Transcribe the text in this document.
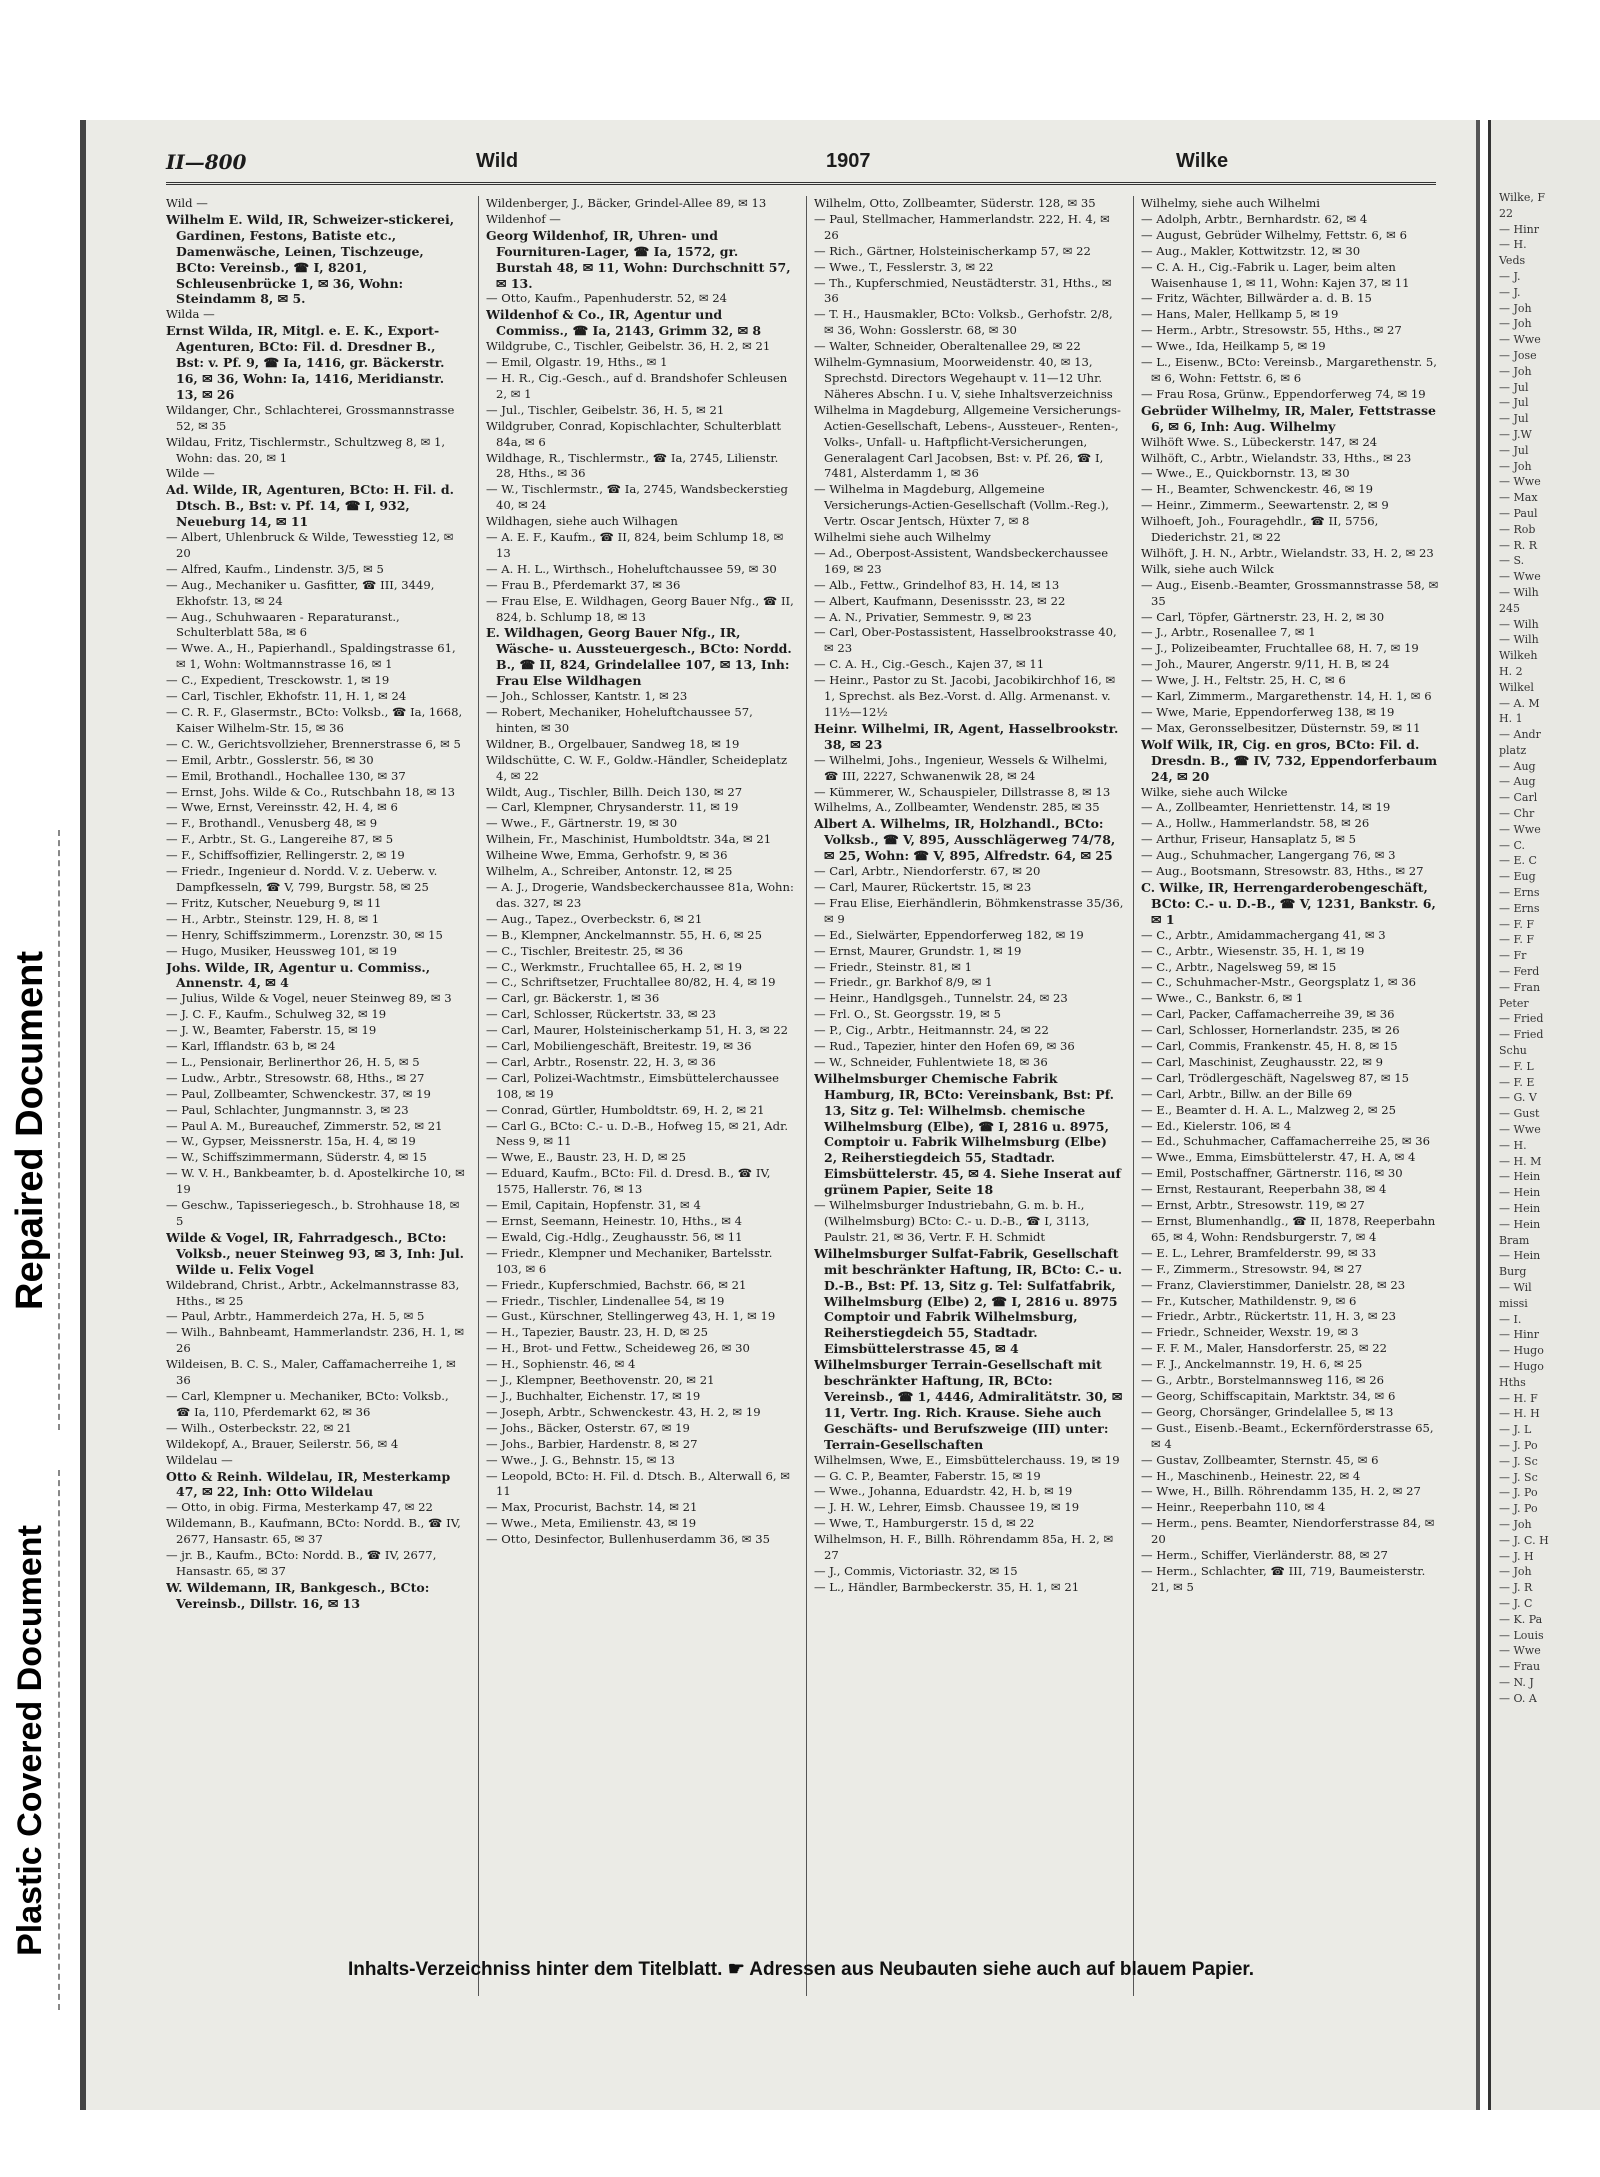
Plastic Covered Document
Repaired Document
II—800	Wild	1907	Wilke

Wild —

Wilhelm E. Wild, IR, Schweizer-stickerei, Gardinen, Festons, Batiste etc., Damenwäsche, Leinen, Tischzeuge, BCto: Vereinsb., ☎ I, 8201, Schleusenbrücke 1, ✉ 36, Wohn: Steindamm 8, ✉ 5.

Wilda —

Ernst Wilda, IR, Mitgl. e. E. K., Export-Agenturen, BCto: Fil. d. Dresdner B., Bst: v. Pf. 9, ☎ Ia, 1416, gr. Bäckerstr. 16, ✉ 36, Wohn: Ia, 1416, Meridianstr. 13, ✉ 26

Wildanger, Chr., Schlachterei, Grossmannstrasse 52, ✉ 35

Wildau, Fritz, Tischlermstr., Schultzweg 8, ✉ 1, Wohn: das. 20, ✉ 1

Wilde —

Ad. Wilde, IR, Agenturen, BCto: H. Fil. d. Dtsch. B., Bst: v. Pf. 14, ☎ I, 932, Neueburg 14, ✉ 11

— Albert, Uhlenbruck & Wilde, Tewesstieg 12, ✉ 20

— Alfred, Kaufm., Lindenstr. 3/5, ✉ 5

— Aug., Mechaniker u. Gasfitter, ☎ III, 3449, Ekhofstr. 13, ✉ 24

— Aug., Schuhwaaren - Reparaturanst., Schulterblatt 58a, ✉ 6

— Wwe. A., H., Papierhandl., Spaldingstrasse 61, ✉ 1, Wohn: Woltmannstrasse 16, ✉ 1

— C., Expedient, Tresckowstr. 1, ✉ 19

— Carl, Tischler, Ekhofstr. 11, H. 1, ✉ 24

— C. R. F., Glasermstr., BCto: Volksb., ☎ Ia, 1668, Kaiser Wilhelm-Str. 15, ✉ 36

— C. W., Gerichtsvollzieher, Brennerstrasse 6, ✉ 5

— Emil, Arbtr., Gosslerstr. 56, ✉ 30

— Emil, Brothandl., Hochallee 130, ✉ 37

— Ernst, Johs. Wilde & Co., Rutschbahn 18, ✉ 13

— Wwe, Ernst, Vereinsstr. 42, H. 4, ✉ 6

— F., Brothandl., Venusberg 48, ✉ 9

— F., Arbtr., St. G., Langereihe 87, ✉ 5

— F., Schiffsoffizier, Rellingerstr. 2, ✉ 19

— Friedr., Ingenieur d. Nordd. V. z. Ueberw. v. Dampfkesseln, ☎ V, 799, Burgstr. 58, ✉ 25

— Fritz, Kutscher, Neueburg 9, ✉ 11

— H., Arbtr., Steinstr. 129, H. 8, ✉ 1

— Henry, Schiffszimmerm., Lorenzstr. 30, ✉ 15

— Hugo, Musiker, Heussweg 101, ✉ 19

Johs. Wilde, IR, Agentur u. Commiss., Annenstr. 4, ✉ 4

— Julius, Wilde & Vogel, neuer Steinweg 89, ✉ 3

— J. C. F., Kaufm., Schulweg 32, ✉ 19

— J. W., Beamter, Faberstr. 15, ✉ 19

— Karl, Ifflandstr. 63 b, ✉ 24

— L., Pensionair, Berlinerthor 26, H. 5, ✉ 5

— Ludw., Arbtr., Stresowstr. 68, Hths., ✉ 27

— Paul, Zollbeamter, Schwenckestr. 37, ✉ 19

— Paul, Schlachter, Jungmannstr. 3, ✉ 23

— Paul A. M., Bureauchef, Zimmerstr. 52, ✉ 21

— W., Gypser, Meissnerstr. 15a, H. 4, ✉ 19

— W., Schiffszimmermann, Süderstr. 4, ✉ 15

— W. V. H., Bankbeamter, b. d. Apostelkirche 10, ✉ 19

— Geschw., Tapisseriegesch., b. Strohhause 18, ✉ 5

Wilde & Vogel, IR, Fahrradgesch., BCto: Volksb., neuer Steinweg 93, ✉ 3, Inh: Jul. Wilde u. Felix Vogel

Wildebrand, Christ., Arbtr., Ackelmannstrasse 83, Hths., ✉ 25

— Paul, Arbtr., Hammerdeich 27a, H. 5, ✉ 5

— Wilh., Bahnbeamt, Hammerlandstr. 236, H. 1, ✉ 26

Wildeisen, B. C. S., Maler, Caffamacherreihe 1, ✉ 36

— Carl, Klempner u. Mechaniker, BCto: Volksb., ☎ Ia, 110, Pferdemarkt 62, ✉ 36

— Wilh., Osterbeckstr. 22, ✉ 21

Wildekopf, A., Brauer, Seilerstr. 56, ✉ 4

Wildelau —

Otto & Reinh. Wildelau, IR, Mesterkamp 47, ✉ 22, Inh: Otto Wildelau

— Otto, in obig. Firma, Mesterkamp 47, ✉ 22

Wildemann, B., Kaufmann, BCto: Nordd. B., ☎ IV, 2677, Hansastr. 65, ✉ 37

— jr. B., Kaufm., BCto: Nordd. B., ☎ IV, 2677, Hansastr. 65, ✉ 37

W. Wildemann, IR, Bankgesch., BCto: Vereinsb., Dillstr. 16, ✉ 13

Wildenberger, J., Bäcker, Grindel-Allee 89, ✉ 13

Wildenhof —

Georg Wildenhof, IR, Uhren- und Fournituren-Lager, ☎ Ia, 1572, gr. Burstah 48, ✉ 11, Wohn: Durchschnitt 57, ✉ 13.

— Otto, Kaufm., Papenhuderstr. 52, ✉ 24

Wildenhof & Co., IR, Agentur und Commiss., ☎ Ia, 2143, Grimm 32, ✉ 8

Wildgrube, C., Tischler, Geibelstr. 36, H. 2, ✉ 21

— Emil, Olgastr. 19, Hths., ✉ 1

— H. R., Cig.-Gesch., auf d. Brandshofer Schleusen 2, ✉ 1

— Jul., Tischler, Geibelstr. 36, H. 5, ✉ 21

Wildgruber, Conrad, Kopischlachter, Schulterblatt 84a, ✉ 6

Wildhage, R., Tischlermstr., ☎ Ia, 2745, Lilienstr. 28, Hths., ✉ 36

— W., Tischlermstr., ☎ Ia, 2745, Wandsbeckerstieg 40, ✉ 24

Wildhagen, siehe auch Wilhagen

— A. E. F., Kaufm., ☎ II, 824, beim Schlump 18, ✉ 13

— A. H. L., Wirthsch., Hoheluftchaussee 59, ✉ 30

— Frau B., Pferdemarkt 37, ✉ 36

— Frau Else, E. Wildhagen, Georg Bauer Nfg., ☎ II, 824, b. Schlump 18, ✉ 13

E. Wildhagen, Georg Bauer Nfg., IR, Wäsche- u. Aussteuergesch., BCto: Nordd. B., ☎ II, 824, Grindelallee 107, ✉ 13, Inh: Frau Else Wildhagen

— Joh., Schlosser, Kantstr. 1, ✉ 23

— Robert, Mechaniker, Hoheluftchaussee 57, hinten, ✉ 30

Wildner, B., Orgelbauer, Sandweg 18, ✉ 19

Wildschütte, C. W. F., Goldw.-Händler, Scheideplatz 4, ✉ 22

Wildt, Aug., Tischler, Billh. Deich 130, ✉ 27

— Carl, Klempner, Chrysanderstr. 11, ✉ 19

— Wwe., F., Gärtnerstr. 19, ✉ 30

Wilhein, Fr., Maschinist, Humboldtstr. 34a, ✉ 21

Wilheine Wwe, Emma, Gerhofstr. 9, ✉ 36

Wilhelm, A., Schreiber, Antonstr. 12, ✉ 25

— A. J., Drogerie, Wandsbeckerchaussee 81a, Wohn: das. 327, ✉ 23

— Aug., Tapez., Overbeckstr. 6, ✉ 21

— B., Klempner, Anckelmannstr. 55, H. 6, ✉ 25

— C., Tischler, Breitestr. 25, ✉ 36

— C., Werkmstr., Fruchtallee 65, H. 2, ✉ 19

— C., Schriftsetzer, Fruchtallee 80/82, H. 4, ✉ 19

— Carl, gr. Bäckerstr. 1, ✉ 36

— Carl, Schlosser, Rückertstr. 33, ✉ 23

— Carl, Maurer, Holsteinischerkamp 51, H. 3, ✉ 22

— Carl, Mobiliengeschäft, Breitestr. 19, ✉ 36

— Carl, Arbtr., Rosenstr. 22, H. 3, ✉ 36

— Carl, Polizei-Wachtmstr., Eimsbüttelerchaussee 108, ✉ 19

— Conrad, Gürtler, Humboldtstr. 69, H. 2, ✉ 21

— Carl G., BCto: C.- u. D.-B., Hofweg 15, ✉ 21, Adr. Ness 9, ✉ 11

— Wwe, E., Baustr. 23, H. D, ✉ 25

— Eduard, Kaufm., BCto: Fil. d. Dresd. B., ☎ IV, 1575, Hallerstr. 76, ✉ 13

— Emil, Capitain, Hopfenstr. 31, ✉ 4

— Ernst, Seemann, Heinestr. 10, Hths., ✉ 4

— Ewald, Cig.-Hdlg., Zeughausstr. 56, ✉ 11

— Friedr., Klempner und Mechaniker, Bartelsstr. 103, ✉ 6

— Friedr., Kupferschmied, Bachstr. 66, ✉ 21

— Friedr., Tischler, Lindenallee 54, ✉ 19

— Gust., Kürschner, Stellingerweg 43, H. 1, ✉ 19

— H., Tapezier, Baustr. 23, H. D, ✉ 25

— H., Brot- und Fettw., Scheideweg 26, ✉ 30

— H., Sophienstr. 46, ✉ 4

— J., Klempner, Beethovenstr. 20, ✉ 21

— J., Buchhalter, Eichenstr. 17, ✉ 19

— Joseph, Arbtr., Schwenckestr. 43, H. 2, ✉ 19

— Johs., Bäcker, Osterstr. 67, ✉ 19

— Johs., Barbier, Hardenstr. 8, ✉ 27

— Wwe., J. G., Behnstr. 15, ✉ 13

— Leopold, BCto: H. Fil. d. Dtsch. B., Alterwall 6, ✉ 11

— Max, Procurist, Bachstr. 14, ✉ 21

— Wwe., Meta, Emilienstr. 43, ✉ 19

— Otto, Desinfector, Bullenhuserdamm 36, ✉ 35

Wilhelm, Otto, Zollbeamter, Süderstr. 128, ✉ 35

— Paul, Stellmacher, Hammerlandstr. 222, H. 4, ✉ 26

— Rich., Gärtner, Holsteinischerkamp 57, ✉ 22

— Wwe., T., Fesslerstr. 3, ✉ 22

— Th., Kupferschmied, Neustädterstr. 31, Hths., ✉ 36

— T. H., Hausmakler, BCto: Volksb., Gerhofstr. 2/8, ✉ 36, Wohn: Gosslerstr. 68, ✉ 30

— Walter, Schneider, Oberaltenallee 29, ✉ 22

Wilhelm-Gymnasium, Moorweidenstr. 40, ✉ 13, Sprechstd. Directors Wegehaupt v. 11—12 Uhr. Näheres Abschn. I u. V, siehe Inhaltsverzeichniss

Wilhelma in Magdeburg, Allgemeine Versicherungs-Actien-Gesellschaft, Lebens-, Aussteuer-, Renten-, Volks-, Unfall- u. Haftpflicht-Versicherungen, Generalagent Carl Jacobsen, Bst: v. Pf. 26, ☎ I, 7481, Alsterdamm 1, ✉ 36

— Wilhelma in Magdeburg, Allgemeine Versicherungs-Actien-Gesellschaft (Vollm.-Reg.), Vertr. Oscar Jentsch, Hüxter 7, ✉ 8

Wilhelmi siehe auch Wilhelmy

— Ad., Oberpost-Assistent, Wandsbeckerchaussee 169, ✉ 23

— Alb., Fettw., Grindelhof 83, H. 14, ✉ 13

— Albert, Kaufmann, Desenissstr. 23, ✉ 22

— A. N., Privatier, Semmestr. 9, ✉ 23

— Carl, Ober-Postassistent, Hasselbrookstrasse 40, ✉ 23

— C. A. H., Cig.-Gesch., Kajen 37, ✉ 11

— Heinr., Pastor zu St. Jacobi, Jacobikirchhof 16, ✉ 1, Sprechst. als Bez.-Vorst. d. Allg. Armenanst. v. 11½—12½

Heinr. Wilhelmi, IR, Agent, Hasselbrookstr. 38, ✉ 23

— Wilhelmi, Johs., Ingenieur, Wessels & Wilhelmi, ☎ III, 2227, Schwanenwik 28, ✉ 24

— Kümmerer, W., Schauspieler, Dillstrasse 8, ✉ 13

Wilhelms, A., Zollbeamter, Wendenstr. 285, ✉ 35

Albert A. Wilhelms, IR, Holzhandl., BCto: Volksb., ☎ V, 895, Ausschlägerweg 74/78, ✉ 25, Wohn: ☎ V, 895, Alfredstr. 64, ✉ 25

— Carl, Arbtr., Niendorferstr. 67, ✉ 20

— Carl, Maurer, Rückertstr. 15, ✉ 23

— Frau Elise, Eierhändlerin, Böhmkenstrasse 35/36, ✉ 9

— Ed., Sielwärter, Eppendorferweg 182, ✉ 19

— Ernst, Maurer, Grundstr. 1, ✉ 19

— Friedr., Steinstr. 81, ✉ 1

— Friedr., gr. Barkhof 8/9, ✉ 1

— Heinr., Handlgsgeh., Tunnelstr. 24, ✉ 23

— Frl. O., St. Georgsstr. 19, ✉ 5

— P., Cig., Arbtr., Heitmannstr. 24, ✉ 22

— Rud., Tapezier, hinter den Hofen 69, ✉ 36

— W., Schneider, Fuhlentwiete 18, ✉ 36

Wilhelmsburger Chemische Fabrik Hamburg, IR, BCto: Vereinsbank, Bst: Pf. 13, Sitz g. Tel: Wilhelmsb. chemische Wilhelmsburg (Elbe), ☎ I, 2816 u. 8975, Comptoir u. Fabrik Wilhelmsburg (Elbe) 2, Reiherstiegdeich 55, Stadtadr. Eimsbüttelerstr. 45, ✉ 4. Siehe Inserat auf grünem Papier, Seite 18

— Wilhelmsburger Industriebahn, G. m. b. H., (Wilhelmsburg) BCto: C.- u. D.-B., ☎ I, 3113, Paulstr. 21, ✉ 36, Vertr. F. H. Schmidt

Wilhelmsburger Sulfat-Fabrik, Gesellschaft mit beschränkter Haftung, IR, BCto: C.- u. D.-B., Bst: Pf. 13, Sitz g. Tel: Sulfatfabrik, Wilhelmsburg (Elbe) 2, ☎ I, 2816 u. 8975 Comptoir und Fabrik Wilhelmsburg, Reiherstiegdeich 55, Stadtadr. Eimsbüttelerstrasse 45, ✉ 4

Wilhelmsburger Terrain-Gesellschaft mit beschränkter Haftung, IR, BCto: Vereinsb., ☎ 1, 4446, Admiralitätstr. 30, ✉ 11, Vertr. Ing. Rich. Krause. Siehe auch Geschäfts- und Berufszweige (III) unter: Terrain-Gesellschaften

Wilhelmsen, Wwe, E., Eimsbüttelerchauss. 19, ✉ 19

— G. C. P., Beamter, Faberstr. 15, ✉ 19

— Wwe., Johanna, Eduardstr. 42, H. b, ✉ 19

— J. H. W., Lehrer, Eimsb. Chaussee 19, ✉ 19

— Wwe, T., Hamburgerstr. 15 d, ✉ 22

Wilhelmson, H. F., Billh. Röhrendamm 85a, H. 2, ✉ 27

— J., Commis, Victoriastr. 32, ✉ 15

— L., Händler, Barmbeckerstr. 35, H. 1, ✉ 21

Wilhelmy, siehe auch Wilhelmi

— Adolph, Arbtr., Bernhardstr. 62, ✉ 4

— August, Gebrüder Wilhelmy, Fettstr. 6, ✉ 6

— Aug., Makler, Kottwitzstr. 12, ✉ 30

— C. A. H., Cig.-Fabrik u. Lager, beim alten Waisenhause 1, ✉ 11, Wohn: Kajen 37, ✉ 11

— Fritz, Wächter, Billwärder a. d. B. 15

— Hans, Maler, Hellkamp 5, ✉ 19

— Herm., Arbtr., Stresowstr. 55, Hths., ✉ 27

— Wwe., Ida, Heilkamp 5, ✉ 19

— L., Eisenw., BCto: Vereinsb., Margarethenstr. 5, ✉ 6, Wohn: Fettstr. 6, ✉ 6

— Frau Rosa, Grünw., Eppendorferweg 74, ✉ 19

Gebrüder Wilhelmy, IR, Maler, Fettstrasse 6, ✉ 6, Inh: Aug. Wilhelmy

Wilhöft Wwe. S., Lübeckerstr. 147, ✉ 24

Wilhöft, C., Arbtr., Wielandstr. 33, Hths., ✉ 23

— Wwe., E., Quickbornstr. 13, ✉ 30

— H., Beamter, Schwenckestr. 46, ✉ 19

— Heinr., Zimmerm., Seewartenstr. 2, ✉ 9

Wilhoeft, Joh., Fouragehdlr., ☎ II, 5756, Diederichstr. 21, ✉ 22

Wilhöft, J. H. N., Arbtr., Wielandstr. 33, H. 2, ✉ 23

Wilk, siehe auch Wilck

— Aug., Eisenb.-Beamter, Grossmannstrasse 58, ✉ 35

— Carl, Töpfer, Gärtnerstr. 23, H. 2, ✉ 30

— J., Arbtr., Rosenallee 7, ✉ 1

— J., Polizeibeamter, Fruchtallee 68, H. 7, ✉ 19

— Joh., Maurer, Angerstr. 9/11, H. B, ✉ 24

— Wwe, J. H., Feltstr. 25, H. C, ✉ 6

— Karl, Zimmerm., Margarethenstr. 14, H. 1, ✉ 6

— Wwe, Marie, Eppendorferweg 138, ✉ 19

— Max, Geronsselbesitzer, Düsternstr. 59, ✉ 11

Wolf Wilk, IR, Cig. en gros, BCto: Fil. d. Dresdn. B., ☎ IV, 732, Eppendorferbaum 24, ✉ 20

Wilke, siehe auch Wilcke

— A., Zollbeamter, Henriettenstr. 14, ✉ 19

— A., Hollw., Hammerlandstr. 58, ✉ 26

— Arthur, Friseur, Hansaplatz 5, ✉ 5

— Aug., Schuhmacher, Langergang 76, ✉ 3

— Aug., Bootsmann, Stresowstr. 83, Hths., ✉ 27

C. Wilke, IR, Herrengarderobengeschäft, BCto: C.- u. D.-B., ☎ V, 1231, Bankstr. 6, ✉ 1

— C., Arbtr., Amidammachergang 41, ✉ 3

— C., Arbtr., Wiesenstr. 35, H. 1, ✉ 19

— C., Arbtr., Nagelsweg 59, ✉ 15

— C., Schuhmacher-Mstr., Georgsplatz 1, ✉ 36

— Wwe., C., Bankstr. 6, ✉ 1

— Carl, Packer, Caffamacherreihe 39, ✉ 36

— Carl, Schlosser, Hornerlandstr. 235, ✉ 26

— Carl, Commis, Frankenstr. 45, H. 8, ✉ 15

— Carl, Maschinist, Zeughausstr. 22, ✉ 9

— Carl, Trödlergeschäft, Nagelsweg 87, ✉ 15

— Carl, Arbtr., Billw. an der Bille 69

— E., Beamter d. H. A. L., Malzweg 2, ✉ 25

— Ed., Kielerstr. 106, ✉ 4

— Ed., Schuhmacher, Caffamacherreihe 25, ✉ 36

— Wwe., Emma, Eimsbüttelerstr. 47, H. A, ✉ 4

— Emil, Postschaffner, Gärtnerstr. 116, ✉ 30

— Ernst, Restaurant, Reeperbahn 38, ✉ 4

— Ernst, Arbtr., Stresowstr. 119, ✉ 27

— Ernst, Blumenhandlg., ☎ II, 1878, Reeperbahn 65, ✉ 4, Wohn: Rendsburgerstr. 7, ✉ 4

— E. L., Lehrer, Bramfelderstr. 99, ✉ 33

— F., Zimmerm., Stresowstr. 94, ✉ 27

— Franz, Clavierstimmer, Danielstr. 28, ✉ 23

— Fr., Kutscher, Mathildenstr. 9, ✉ 6

— Friedr., Arbtr., Rückertstr. 11, H. 3, ✉ 23

— Friedr., Schneider, Wexstr. 19, ✉ 3

— F. F. M., Maler, Hansdorferstr. 25, ✉ 22

— F. J., Anckelmannstr. 19, H. 6, ✉ 25

— G., Arbtr., Borstelmannsweg 116, ✉ 26

— Georg, Schiffscapitain, Marktstr. 34, ✉ 6

— Georg, Chorsänger, Grindelallee 5, ✉ 13

— Gust., Eisenb.-Beamt., Eckernförderstrasse 65, ✉ 4

— Gustav, Zollbeamter, Sternstr. 45, ✉ 6

— H., Maschinenb., Heinestr. 22, ✉ 4

— Wwe, H., Billh. Röhrendamm 135, H. 2, ✉ 27

— Heinr., Reeperbahn 110, ✉ 4

— Herm., pens. Beamter, Niendorferstrasse 84, ✉ 20

— Herm., Schiffer, Vierländerstr. 88, ✉ 27

— Herm., Schlachter, ☎ III, 719, Baumeisterstr. 21, ✉ 5

Inhalts-Verzeichniss hinter dem Titelblatt. ☛ Adressen aus Neubauten siehe auch auf blauem Papier.
Wilke, F
22
— Hinr
— H.
Veds
— J.
— J.
— Joh
— Joh
— Wwe
— Jose
— Joh
— Jul
— Jul
— Jul
— J.W
— Jul
— Joh
— Wwe
— Max
— Paul
— Rob
— R. R
— S.
— Wwe
— Wilh
245
— Wilh
— Wilh
Wilkeh
H. 2
Wilkel
— A. M
H. 1
— Andr
platz
— Aug
— Aug
— Carl
— Chr
— Wwe
— C.
— E. C
— Eug
— Erns
— Erns
— F. F
— F. F
— Fr
— Ferd
— Fran
Peter
— Fried
— Fried
Schu
— F. L
— F. E
— G. V
— Gust
— Wwe
— H.
— H. M
— Hein
— Hein
— Hein
— Hein
Bram
— Hein
Burg
— Wil
missi
— I.
— Hinr
— Hugo
— Hugo
Hths
— H. F
— H. H
— J. L
— J. Po
— J. Sc
— J. Sc
— J. Po
— J. Po
— Joh
— J. C. H
— J. H
— Joh
— J. R
— J. C
— K. Pa
— Louis
— Wwe
— Frau
— N. J
— O. A
